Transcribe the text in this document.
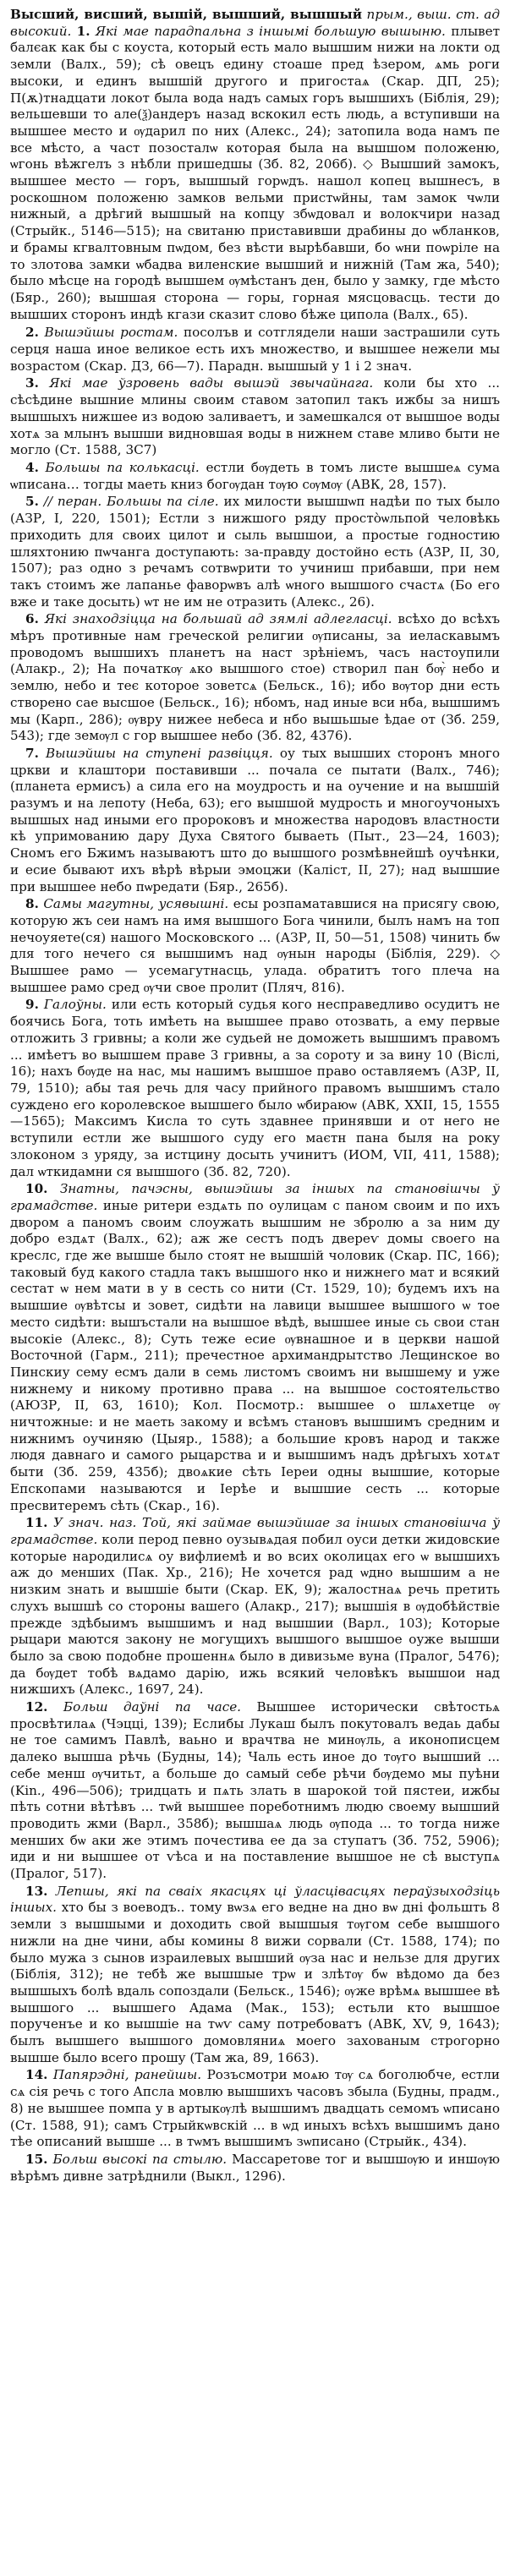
Высший, висший, вышій, вышший, вышшый прым., выш. ст. ад высокий. 1. Які мае парадпальна з іншымі большую вышыню. плывет балєак как бы с коуста, который есть мало вышшим нижи на локти од земли (Валх., 59); сѣ овецъ едину стоаше пред ѣзером, ѧмь роги высоки, и единъ вышшій другого и пригостаѧ (Скар. ДП, 25); П(ѫ)тнадцати локот была вода надъ самых горъ вышшихъ (Біблія, 29); вельшевши то але(ѯ)андеръ назад вскокил есть людь, а вступивши на вышшее место и ѹдарил по них (Алекс., 24); затопила вода намъ пе все мѣсто, а част позосталѡ которая была на вышшом положеню, ѡгонь вѣжгелъ з нѣбли пришедшы (Зб. 82, 206б). ◇ Вышший замокъ, вышшее место — горъ, вышшый горѡдъ. нашол копец вышнесъ, в роскошном положеню замков вельми пристѡйны, там замок чѡли нижный, а дрѣгий вышшый на копцу збѡдовал и волокчири назад (Стрыйк., 5146—515); на свитаню приставивши драбины до ѡбланков, и брамы кгвалтовным пѡдом, без вѣсти вырѣбавши, бо ѡни поѡріле на то злотова замки ѡбадва виленские вышший и нижній (Там жа, 540); было мѣсце на городѣ вышшем ѹмѣстанъ ден, было у замку, где мѣсто (Бяр., 260); вышшая сторона — горы, горная мясцовасць. тести до вышших сторонъ индѣ кгази сказит слово бѣже ципола (Валх., 65).

2. Вышэйшы ростам. посолъв и сотглядели наши застрашили суть серця наша иное великое есть ихъ множество, и вышшее нежели мы возрастом (Скар. ДЗ, 66—7). Парадн. вышшый у 1 і 2 знач.

3. Які мае ўзровень вады вышэй звычайнага. коли бы хто ... сѣсѣдине вышние млины своим ставом затопил такъ ижбы за нишъ вышшыхъ нижшее из водою заливаетъ, и замешкался от вышшое воды хотѧ за млынъ вышши видновшая воды в нижнем ставе мливо быти не могло (Ст. 1588, 3С7)

4. Большы па колькасці. естли бѹдеть в томъ листе вышшеѧ сума ѡписана… тогды маеть книз богѹдан тѹю сѹмѹ (АВК, 28, 157).

5. // перан. Большы па сіле. их милости вышшѡп надѣи по тых было (АЗР, I, 220, 1501); Естли з нижшого ряду просто̀ѡльпой человѣкь приходить для своих цилот и сыль вышшои, а простые годностию шляхтонию пѡчанга доступають: за-правду достойно есть (АЗР, II, 30, 1507); раз одно з речамъ сотвѡрити то учиниш прибавши, при нем такъ стоимъ же лапанье фаворѡвъ алѣ ѡного вышшого счастѧ (Бо его вже и таке досыть) ѡт не им не отразить (Алекс., 26).

6. Які знаходзіцца на большай ад зямлі адлегласці. всѣхо до всѣхъ мѣръ противные нам греческой религии ѹписаны, за иеласкавымъ проводомъ вышшихъ планетъ на наст зрѣніемъ, часъ настоупили (Алакр., 2); На початкѹ ѧко вышшого стое) створил пан бѹ̀ небо и землю, небо и теє которое зоветсѧ (Бельск., 16); ибо вѹтор дни есть створено сае высшое (Бельск., 16); нбомъ, над иные вси нба, вышшимъ мы (Карп., 286); ѹвру нижее небеса и нбо вышьшые ѣдае от (Зб. 259, 543); где земѹл с гор вышшее небо (Зб. 82, 4376).

7. Вышэйшы на ступені развіцця. оу тых вышших сторонъ много цркви и клаштори поставивши ... почала се пытати (Валх., 746); (планета ермисъ) а сила его на моудрость и на оучение и на вышшій разумъ и на лепоту (Неба, 63); его вышшой мудрость и многоучоныхъ вышшых над иными его пророковъ и множества народовъ властности кѣ упримованию дару Духа Святого бываеть (Пыт., 23—24, 1603); Сномъ его Бжимъ называютъ што до вышшого розмѣвнейшѣ оучѣнки, и есие бывают ихъ вѣрѣ вѣрыи эмоцжи (Каліст, II, 27); над вышшие при вышшее небо пѡредати (Бяр., 265б).

8. Самы магутны, усявышні. есы розпаматавшися на присягу свою, которую жъ сеи намъ на имя вышшого Бога чинили, былъ намъ на топ нечоуяете(ся) нашого Московского ... (АЗР, II, 50—51, 1508) чинить бѡ для того нечего ся вышшимъ над ѹнын народы (Біблія, 229). ◇ Вышшее рамо — усемагутнасць, улада. обратитъ того плеча на вышшее рамо сред ѹчи свое пролит (Пляч, 816).

9. Галоўны. или есть который судья кого несправедливо осудитъ не боячись Бога, тоть имѣеть на вышшее право отозвать, а ему первые отложить 3 гривны; а коли же судьей не доможеть вышшимъ правомъ ... имѣетъ во вышшем праве 3 гривны, а за сороту и за вину 10 (Віслі, 16); нахъ бѹде на нас, мы нашимъ вышшое право оставляемъ (АЗР, II, 79, 1510); абы тая речь для часу прийного правомъ вышшимъ стало суждено его королевское вышшего было ѡбираюѡ (АВК, XXII, 15, 1555—1565); Максимъ Кисла то суть здавнее принявши и от него не вступили естли же вышшого суду его маєтн пана быля на року злоконом з уряду, за истцину досыть учинитъ (ИОМ, VII, 411, 1588); дал ѡткидамни ся вышшого (Зб. 82, 720).

10. Знатны, пачэсны, вышэйшы за іншых па становішчы ў грамадстве. иные ритери ездѧть по оулицам с паном своим и по ихъ двором а паномъ своим слоужать вышшим не збролю а за ним ду добро ездѧт (Валх., 62); аж же сестъ подъ двереѵ домы своего на креслс, где же вышше было стоят не вышшій чоловик (Скар. ПС, 166); таковый буд какого стадла такъ вышшого нко и нижнего мат и всякий сестат ѡ нем мати в у в сесть со нити (Ст. 1529, 10); будемъ ихъ на вышшие ѹвѣтсы и зовет, сидѣти на лавици вышшее вышшого ѡ тое место сидѣти: вышъстали на вышшое вѣдѣ, вышшее иные сь свои стан высокіе (Алекс., 8); Суть теже есие ѹвнашное и в церкви нашой Восточной (Гарм., 211); пречестное архимандрытство Лещинское во Пинскиу сему есмъ дали в семь листомъ своимъ ни вышшему и уже нижнему и никому противно права ... на вышшое состоятельство (АЮЗР, II, 63, 1610); Кол. Посмотр.: вышшее о шлѧхетце ѹ ничтожные: и не маеть закому и всѣмъ становъ вышшимъ средним и нижнимъ оучиняю (Цыяр., 1588); а большие кровъ народ и также людя давнаго и самого рыцарства и и вышшимъ надъ дрѣгыхъ хотѧт быти (Зб. 259, 435б); двоѧкие сѣть Iереи одны вышшие, которые Епскопами называются и Iерѣе и вышшие сесть ... которые пресвитеремъ сѣть (Скар., 16).

11. У знач. наз. Той, які займае вышэйшае за іншых становішча ў грамадстве. коли перод певно оузывѧдая побил оуси детки жидовские которые народилисѧ оу вифлиемѣ и во всих околицах его ѡ вышшихъ аж до менших (Пак. Хр., 216); Не хочется рад ѡдно вышшим а не низким знать и вышшіе быти (Скар. ЕК, 9); жалостнаѧ речь претить слухъ вышшѣ со стороны вашего (Алакр., 217); вышшія в ѹдобѣйствіе прежде здѣбыимъ вышшимъ и над вышшии (Варл., 103); Которые рыцари маются закону не могущихъ вышшого вышшое оуже вышши было за свою подобне прошеннѧ было в дивизьме вуна (Пралог, 5476); да бѹдет тобѣ вѧдамо дарію, ижь всякий человѣкъ вышшои над нижшихъ (Алекс., 1697, 24).

12. Больш даўні па часе. Вышшее исторически свѣтостьѧ просвѣтилаѧ (Чэцці, 139); Еслибы Лукаш былъ покутовалъ ведаь дабы не тое самимъ Павлѣ, ваьно и врачтва не минѹль, а иконописцем далеко вышша рѣчь (Будны, 14); Чаль есть иное до тѹго вышший ... себе менш ѹчитьт, а больше до самый себе рѣчи бѹдемо мы пуѣни (Kin., 496—506); тридцать и пѧть злать в шарокой той пястеи, ижбы пѣть сотни вѣтѣвъ ... тѡй вышшее пореботнимъ людю своему вышший проводить жми (Варл., 358б); вышшаѧ людь ѹпода ... то тогда ниже менших бѡ аки же этимъ почестива ее да за ступатъ (Зб. 752, 5906); иди и ни вышшее от ѵѣса и на поставление вышшое не сѣ выступѧ (Пралог, 517).

13. Лепшы, які па сваіх якасцях ці ўласцівасцях пераўзыходзіць іншых. хто бы з воеводъ.. тому вѡзѧ его ведне на дно вѡ дні фольшть 8 земли з вышшыми и доходить свой вышшыя тѹгом себе вышшого нижли на дне чини, абы комины 8 вижи сорвали (Ст. 1588, 174); по было мужа з сынов израилевых вышший ѹза нас и нельзе для других (Біблія, 312); не тебѣ же вышшые трѡ и злѣтѹ бѡ вѣдомо да без вышшыхъ болѣ вдаль сопоздали (Бельск., 1546); ѹже врѣмѧ вышшее вѣ вышшого ... вышшего Адама (Мак., 153); естьли кто вышшое порученъе и ко вышшіе на тѡѵ саму потребоватъ (АВК, XV, 9, 1643); былъ вышшего вышшого домовляниѧ моего захованым строгорно вышше было всего прошу (Там жа, 89, 1663).

14. Папярэдні, ранейшы. Розъсмотри моѧю тѹ сѧ боголюбче, естли сѧ сія речь с того Апсла мовлю вышшихъ часовъ збыла (Будны, прадм., 8) не вышшее помпа у в артыкѹлѣ вышшимъ двадцать семомъ ѡписано (Ст. 1588, 91); самъ Стрыйкѡвскій ... в ѡд иныхъ всѣхъ вышшимъ дано тѣе описаний вышше ... в тѡмъ вышшимъ зѡписано (Стрыйк., 434).

15. Больш высокі па стылю. Массаретове тог и вышшѹю и иншѹю вѣрѣмъ дивне затрѣднили (Выкл., 1296).
